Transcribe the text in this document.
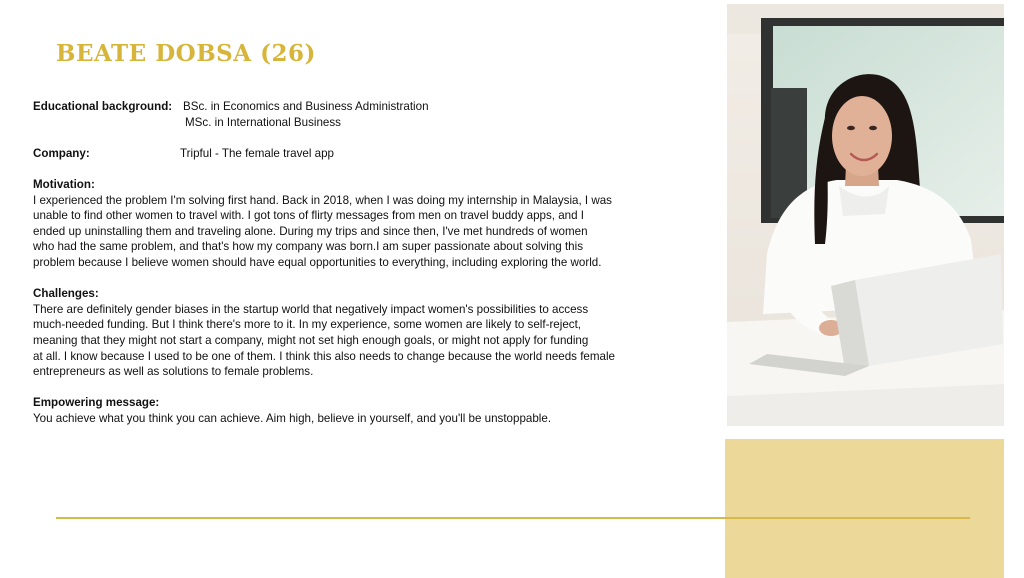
BEATE DOBSA (26)
Educational background: BSc. in Economics and Business Administration
MSc. in International Business
Company:	Tripful - The female travel app
Motivation:
I experienced the problem I'm solving first hand. Back in 2018, when I was doing my internship in Malaysia, I was
unable to find other women to travel with. I got tons of flirty messages from men on travel buddy apps, and I
ended up uninstalling them and traveling alone. During my trips and since then, I've met hundreds of women
who had the same problem, and that's how my company was born.I am super passionate about solving this
problem because I believe women should have equal opportunities to everything, including exploring the world.
Challenges:
There are definitely gender biases in the startup world that negatively impact women's possibilities to access
much-needed funding. But I think there's more to it. In my experience, some women are likely to self-reject,
meaning that they might not start a company, might not set high enough goals, or might not apply for funding
at all. I know because I used to be one of them. I think this also needs to change because the world needs female
entrepreneurs as well as solutions to female problems.
Empowering message:
You achieve what you think you can achieve. Aim high, believe in yourself, and you'll be unstoppable.
